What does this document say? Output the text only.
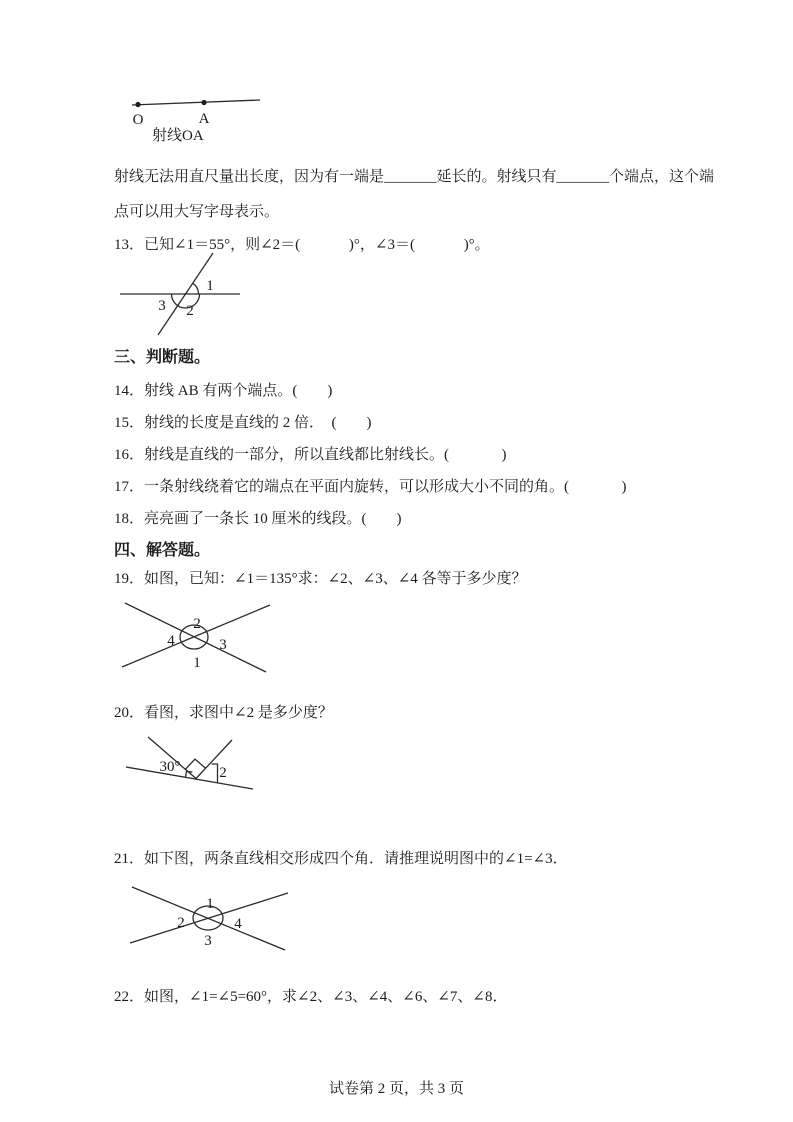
O	A
射线OA
射线无法用直尺量出长度，因为有一端是_______延长的。射线只有_______个端点，这个端点可以用大写字母表示。
13．已知∠1＝55°，则∠2＝(             )°，∠3＝(             )°。
1
3 2
三、判断题。
14．射线 AB 有两个端点。(        )
15．射线的长度是直线的 2 倍．  (        )
16．射线是直线的一部分，所以直线都比射线长。(              )
17．一条射线绕着它的端点在平面内旋转，可以形成大小不同的角。(              )
18．亮亮画了一条长 10 厘米的线段。(        )
四、解答题。
19．如图，已知：∠1＝135°求：∠2、∠3、∠4 各等于多少度？
2
4	3
1
20．看图，求图中∠2 是多少度？
30°	2
21．如下图，两条直线相交形成四个角．请推理说明图中的∠1=∠3．
1
2	4
3
22．如图，∠1=∠5=60°，求∠2、∠3、∠4、∠6、∠7、∠8．
试卷第 2 页，共 3 页
